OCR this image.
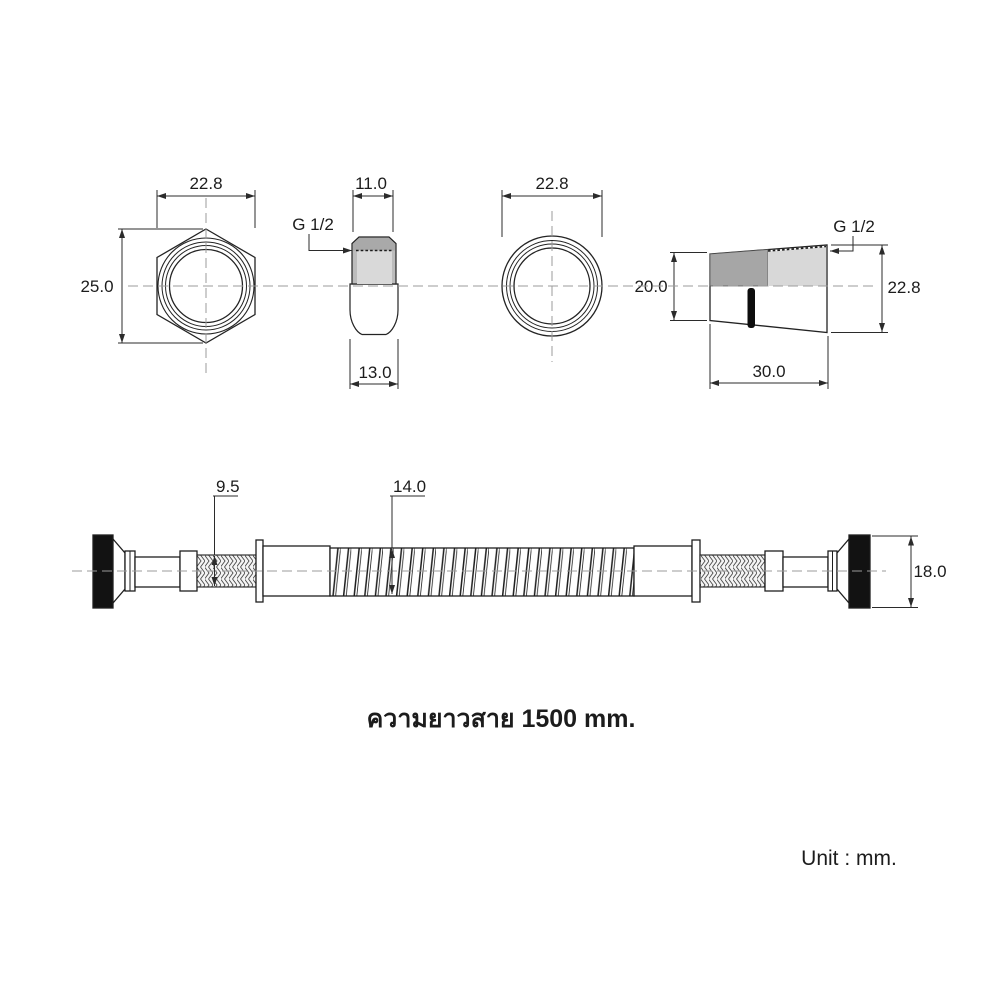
22.8
25.0
11.0
13.0
G 1/2
22.8
20.0	22.8
30.0
G 1/2
9.5	14.0
18.0
ความยาวสาย 1500 mm.
Unit : mm.
